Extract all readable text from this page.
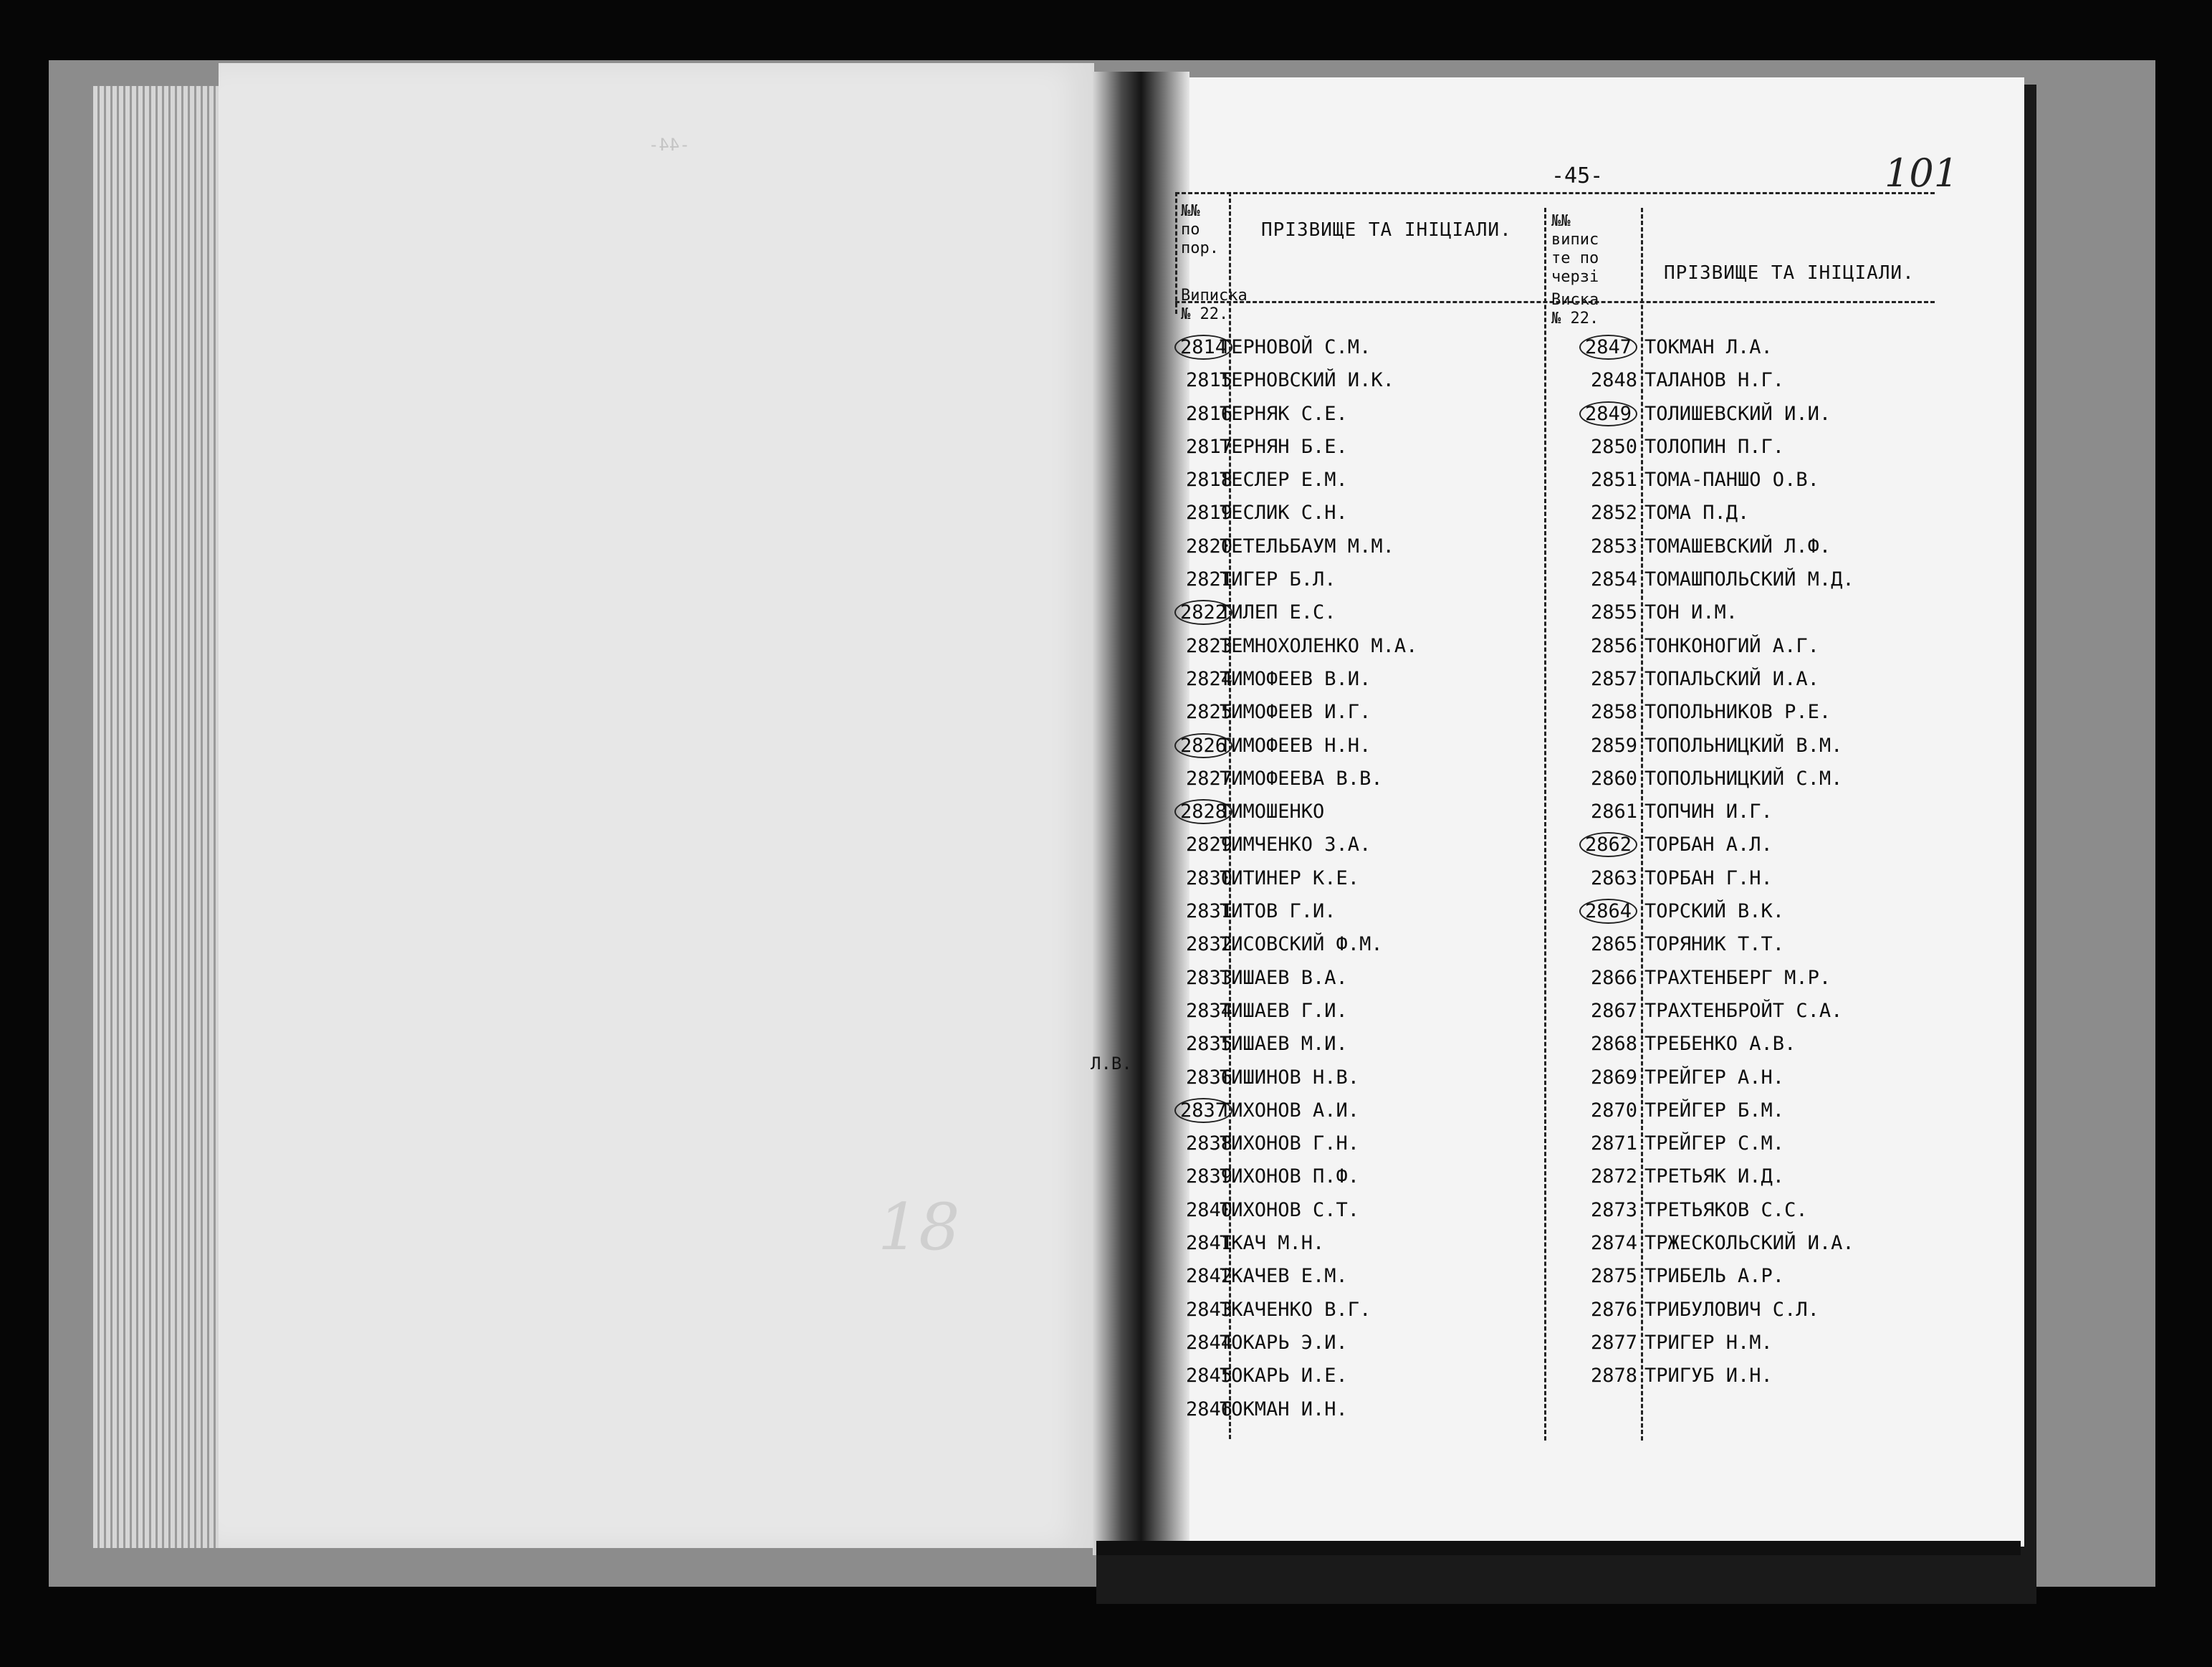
-44-
18
-45-	101
№№
по
пор.
ПРІЗВИЩЕ ТА ІНІЦІАЛИ.
Виписка
№ 22.
№№
випис
те по
черзі	ПРІЗВИЩЕ ТА ІНІЦІАЛИ.
Виска
№ 22.
2814
2815
2816
2817
2818
2819
2820
2821
2822
2823
2824
2825
2826
2827
2828
2829
2830
2831
2832
2833
2834
2835
2836
2837
2838
2839
2840
2841
2842
2843
2844
2845
2846
ТЕРНОВОЙ С.М.
ТЕРНОВСКИЙ И.К.
ТЕРНЯК С.Е.
ТЕРНЯН Б.Е.
ТЕСЛЕР Е.М.
ТЕСЛИК С.Н.
ТЕТЕЛЬБАУМ М.М.
ТИГЕР Б.Л.
ТИЛЕП Е.С.
ТЕМНОХОЛЕНКО М.А.
ТИМОФЕЕВ В.И.
ТИМОФЕЕВ И.Г.
ТИМОФЕЕВ Н.Н.
ТИМОФЕЕВА В.В.
ТИМОШЕНКО
ТИМЧЕНКО З.А.
ТИТИНЕР К.Е.
ТИТОВ Г.И.
ТИСОВСКИЙ Ф.М.
ТИШАЕВ В.А.
ТИШАЕВ Г.И.
ТИШАЕВ М.И.
ТИШИНОВ Н.В.
ТИХОНОВ А.И.
ТИХОНОВ Г.Н.
ТИХОНОВ П.Ф.
ТИХОНОВ С.Т.
ТКАЧ М.Н.
ТКАЧЕВ Е.М.
ТКАЧЕНКО В.Г.
ТОКАРЬ Э.И.
ТОКАРЬ И.Е.
ТОКМАН И.Н.
2847
2848
2849
2850
2851
2852
2853
2854
2855
2856
2857
2858
2859
2860
2861
2862
2863
2864
2865
2866
2867
2868
2869
2870
2871
2872
2873
2874
2875
2876
2877
2878
ТОКМАН Л.А.
ТАЛАНОВ Н.Г.
ТОЛИШЕВСКИЙ И.И.
ТОЛОПИН П.Г.
ТОМА-ПАНШО О.В.
ТОМА П.Д.
ТОМАШЕВСКИЙ Л.Ф.
ТОМАШПОЛЬСКИЙ М.Д.
ТОН И.М.
ТОНКОНОГИЙ А.Г.
ТОПАЛЬСКИЙ И.А.
ТОПОЛЬНИКОВ Р.Е.
ТОПОЛЬНИЦКИЙ В.М.
ТОПОЛЬНИЦКИЙ С.М.
ТОПЧИН И.Г.
ТОРБАН А.Л.
ТОРБАН Г.Н.
ТОРСКИЙ В.К.
ТОРЯНИК Т.Т.
ТРАХТЕНБЕРГ М.Р.
ТРАХТЕНБРОЙТ С.А.
ТРЕБЕНКО А.В.
ТРЕЙГЕР А.Н.
ТРЕЙГЕР Б.М.
ТРЕЙГЕР С.М.
ТРЕТЬЯК И.Д.
ТРЕТЬЯКОВ С.С.
ТРЖЕСКОЛЬСКИЙ И.А.
ТРИБЕЛЬ А.Р.
ТРИБУЛОВИЧ С.Л.
ТРИГЕР Н.М.
ТРИГУБ И.Н.
Л.В.
